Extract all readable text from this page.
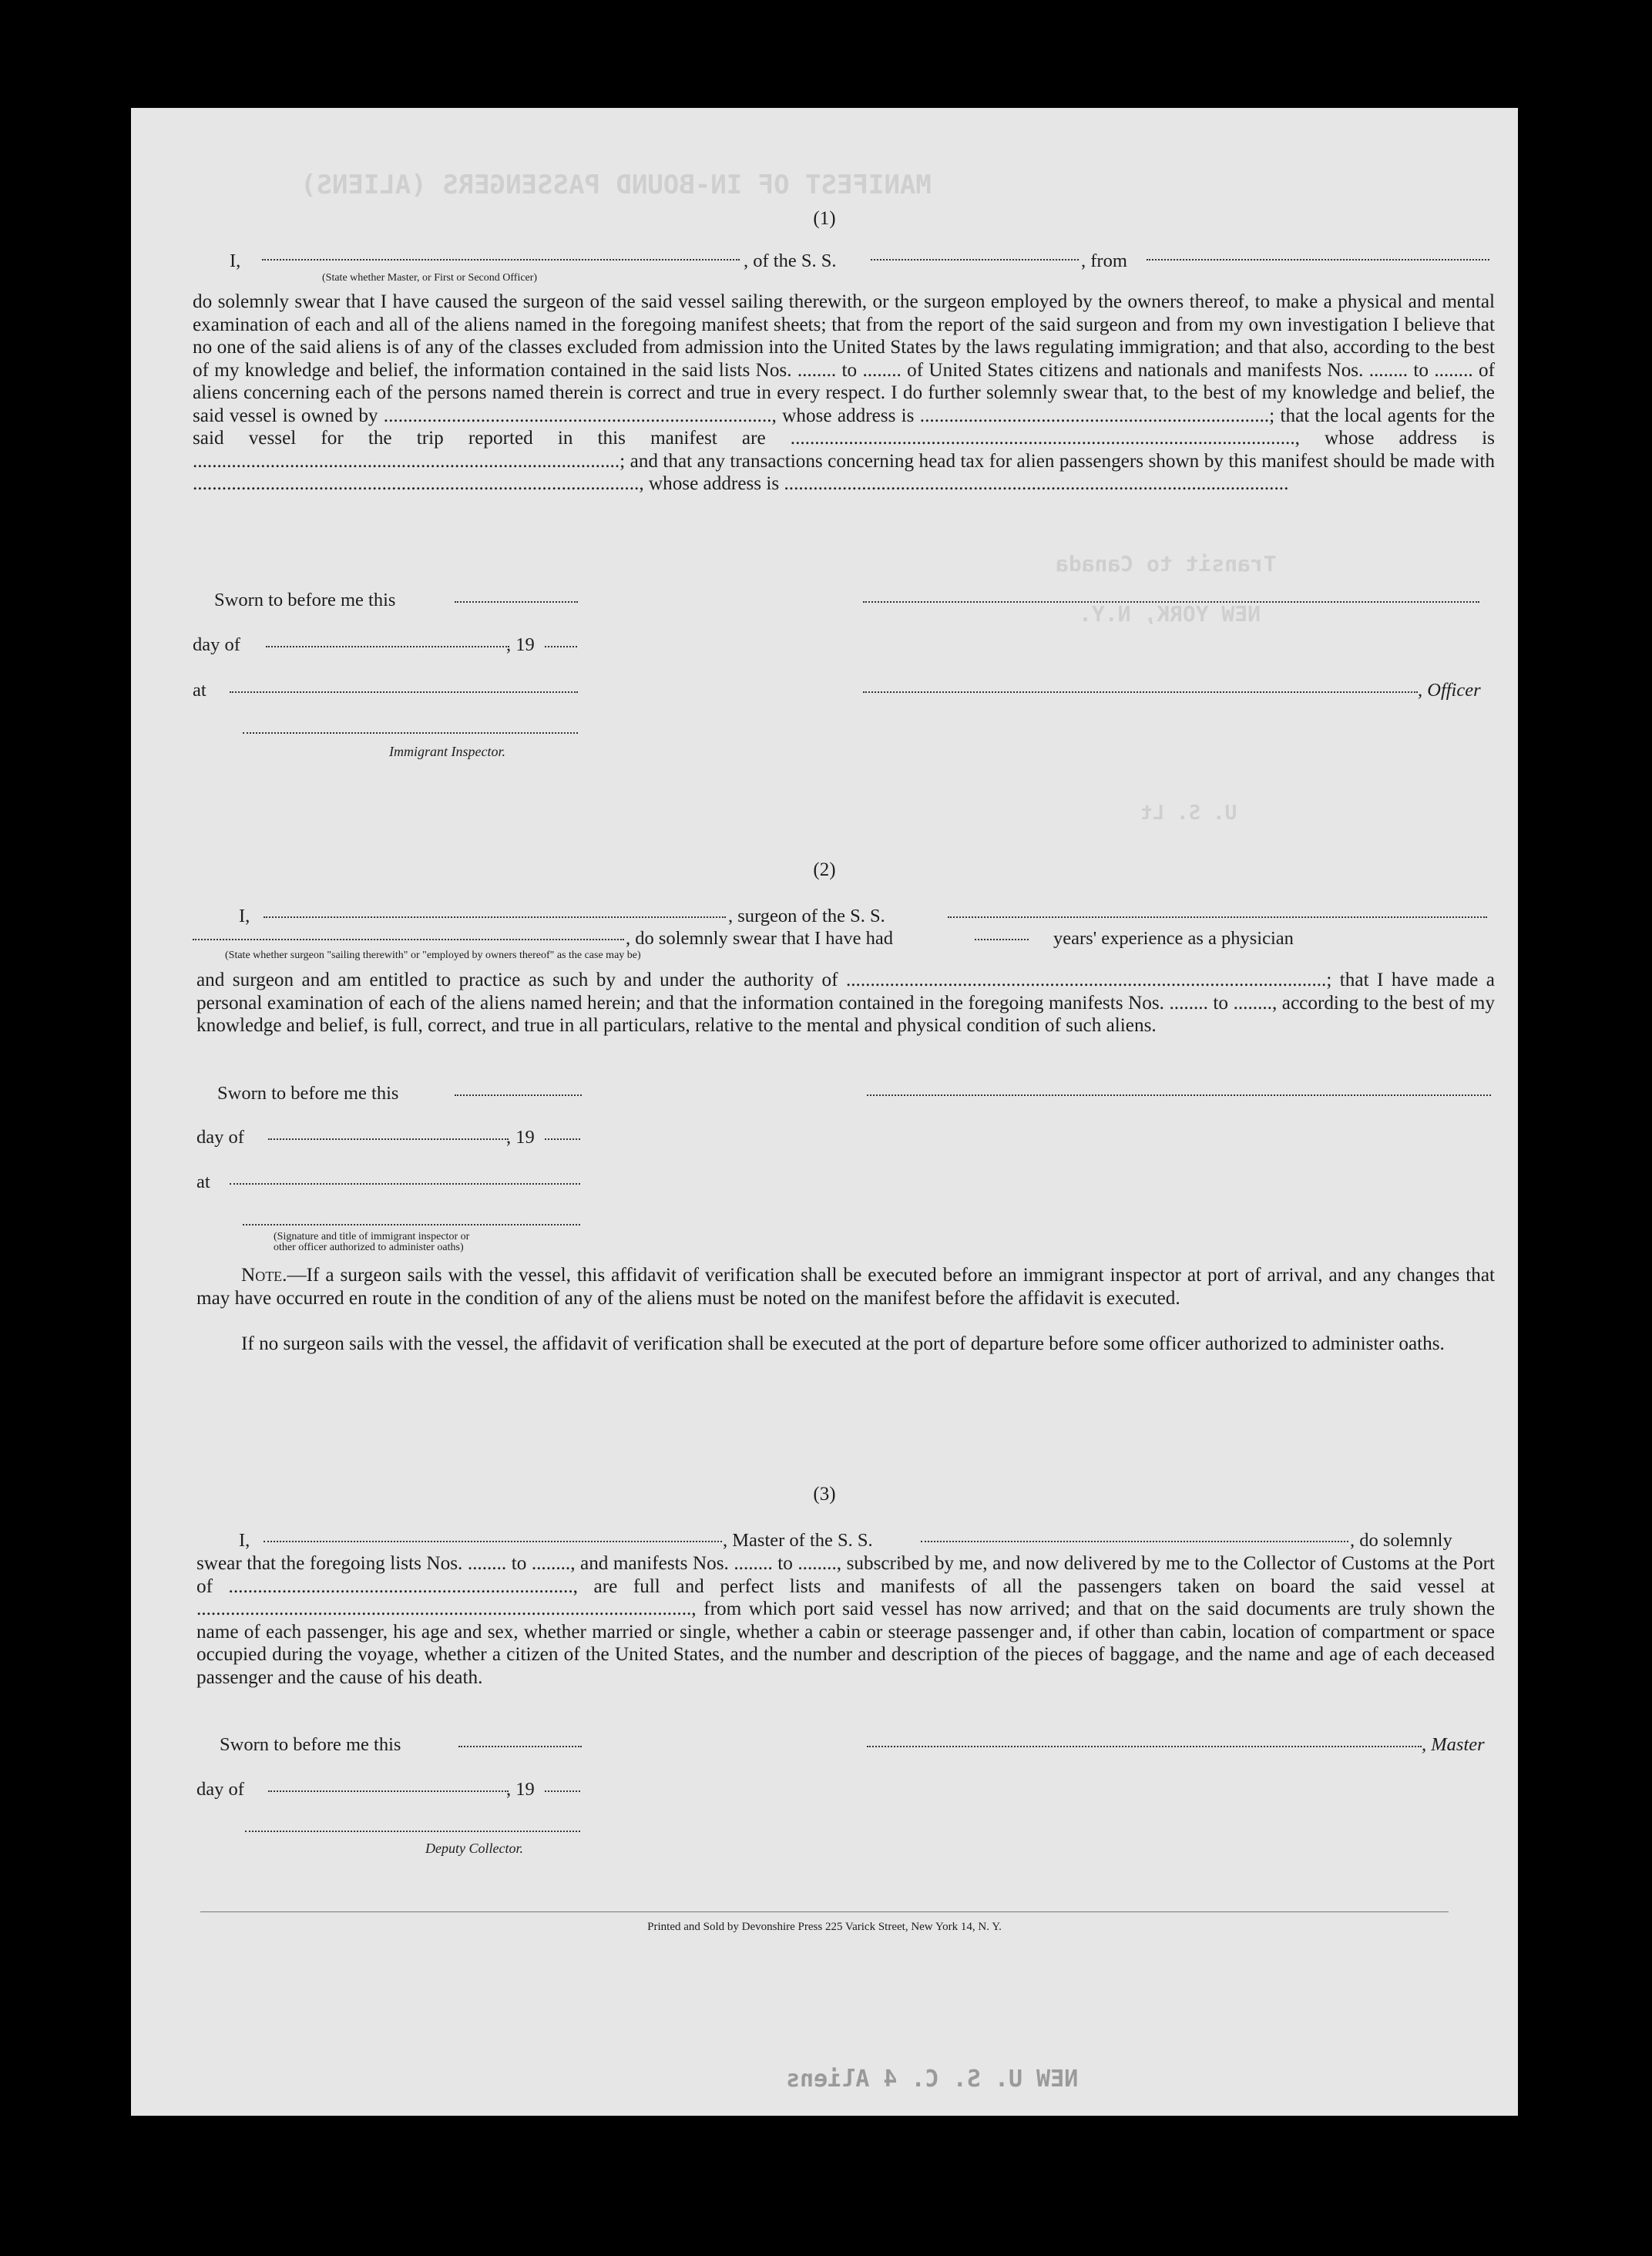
MANIFEST OF IN-BOUND PASSENGERS (ALIENS)
Transit to Canada
NEW YORK, N.Y.
U. S. Lt
NEW U. S. C. 4 Aliens
(1)
I,	, of the S. S.	, from
(State whether Master, or First or Second Officer)
do solemnly swear that I have caused the surgeon of the said vessel sailing therewith, or the surgeon employed by the owners thereof, to make a physical and mental examination of each and all of the aliens named in the foregoing manifest sheets; that from the report of the said surgeon and from my own investigation I believe that no one of the said aliens is of any of the classes excluded from admission into the United States by the laws regulating immigration; and that also, according to the best of my knowledge and belief, the information contained in the said lists Nos. ........ to ........ of United States citizens and nationals and manifests Nos. ........ to ........ of aliens concerning each of the persons named therein is correct and true in every respect. I do further solemnly swear that, to the best of my knowledge and belief, the said vessel is owned by ................................................................................, whose address is ........................................................................; that the local agents for the said vessel for the trip reported in this manifest are ........................................................................................................, whose address is ........................................................................................; and that any transactions concerning head tax for alien passengers shown by this manifest should be made with ............................................................................................, whose address is ........................................................................................................
Sworn to before me this
day of	, 19
at	, Officer
Immigrant Inspector.
(2)
I,	, surgeon of the S. S.
, do solemnly swear that I have had	years' experience as a physician
(State whether surgeon "sailing therewith" or "employed by owners thereof" as the case may be)
and surgeon and am entitled to practice as such by and under the authority of ...................................................................................................; that I have made a personal examination of each of the aliens named herein; and that the information contained in the foregoing manifests Nos. ........ to ........, according to the best of my knowledge and belief, is full, correct, and true in all particulars, relative to the mental and physical condition of such aliens.
Sworn to before me this
day of	, 19
at
(Signature and title of immigrant inspector or
other officer authorized to administer oaths)
Note.—If a surgeon sails with the vessel, this affidavit of verification shall be executed before an immigrant inspector at port of arrival, and any changes that may have occurred en route in the condition of any of the aliens must be noted on the manifest before the affidavit is executed.
If no surgeon sails with the vessel, the affidavit of verification shall be executed at the port of departure before some officer authorized to administer oaths.
(3)
I,	, Master of the S. S.	, do solemnly
swear that the foregoing lists Nos. ........ to ........, and manifests Nos. ........ to ........, subscribed by me, and now delivered by me to the Collector of Customs at the Port of ......................................................................., are full and perfect lists and manifests of all the passengers taken on board the said vessel at ......................................................................................................, from which port said vessel has now arrived; and that on the said documents are truly shown the name of each passenger, his age and sex, whether married or single, whether a cabin or steerage passenger and, if other than cabin, location of compartment or space occupied during the voyage, whether a citizen of the United States, and the number and description of the pieces of baggage, and the name and age of each deceased passenger and the cause of his death.
Sworn to before me this	, Master
day of	, 19
Deputy Collector.
Printed and Sold by Devonshire Press 225 Varick Street, New York 14, N. Y.
